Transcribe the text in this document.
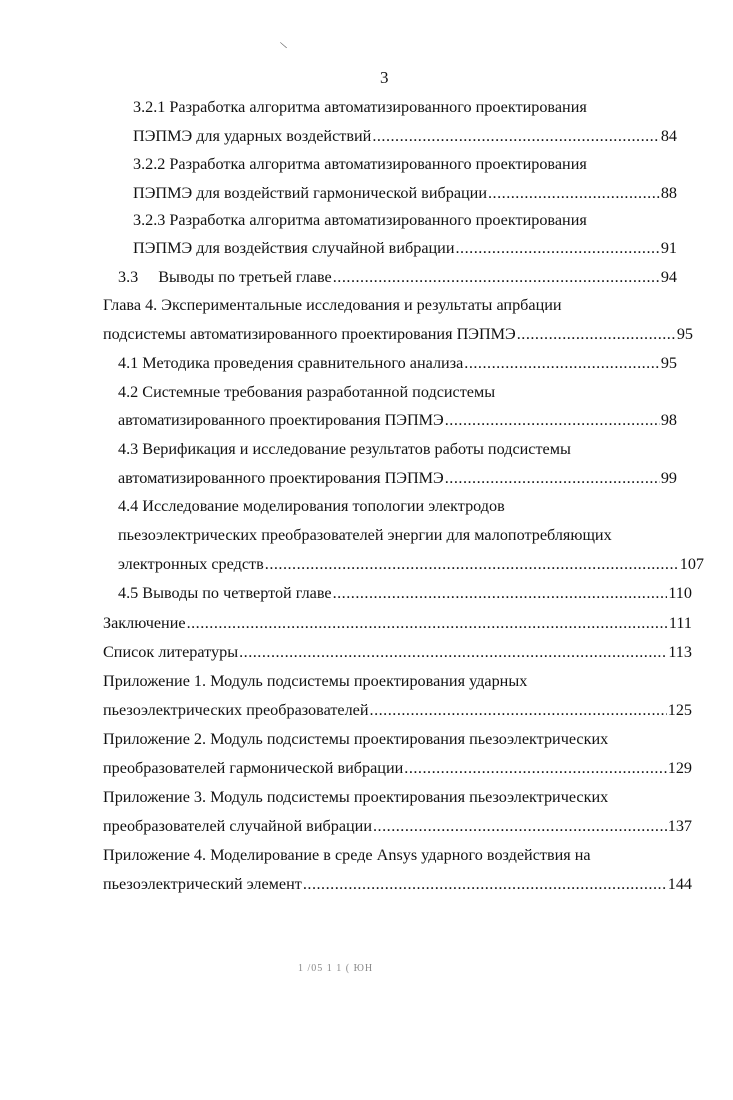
\
3
3.2.1 Разработка алгоритма автоматизированного проектирования
ПЭПМЭ для ударных воздействий .....	84
3.2.2 Разработка алгоритма автоматизированного проектирования
ПЭПМЭ для воздействий гармонической вибрации .....	88
3.2.3 Разработка алгоритма автоматизированного проектирования
ПЭПМЭ для воздействия случайной вибрации .....	91
3.3 Выводы по третьей главе .....	94
Глава 4. Экспериментальные исследования и результаты апрбации
подсистемы автоматизированного проектирования ПЭПМЭ .....	95
4.1 Методика проведения сравнительного анализа .....	95
4.2 Системные требования разработанной подсистемы
автоматизированного проектирования ПЭПМЭ .....	98
4.3 Верификация и исследование результатов работы подсистемы
автоматизированного проектирования ПЭПМЭ .....	99
4.4 Исследование моделирования топологии электродов
пьезоэлектрических преобразователей энергии для малопотребляющих
электронных средств .....	107
4.5 Выводы по четвертой главе .....	110
Заключение .....	111
Список литературы .....	113
Приложение 1. Модуль подсистемы проектирования ударных
пьезоэлектрических преобразователей .....	125
Приложение 2. Модуль подсистемы проектирования пьезоэлектрических
преобразователей гармонической вибрации .....	129
Приложение 3. Модуль подсистемы проектирования пьезоэлектрических
преобразователей случайной вибрации .....	137
Приложение 4. Моделирование в среде Ansys ударного воздействия на
пьезоэлектрический элемент .....	144
1 /05 1 1 ( ЮН
